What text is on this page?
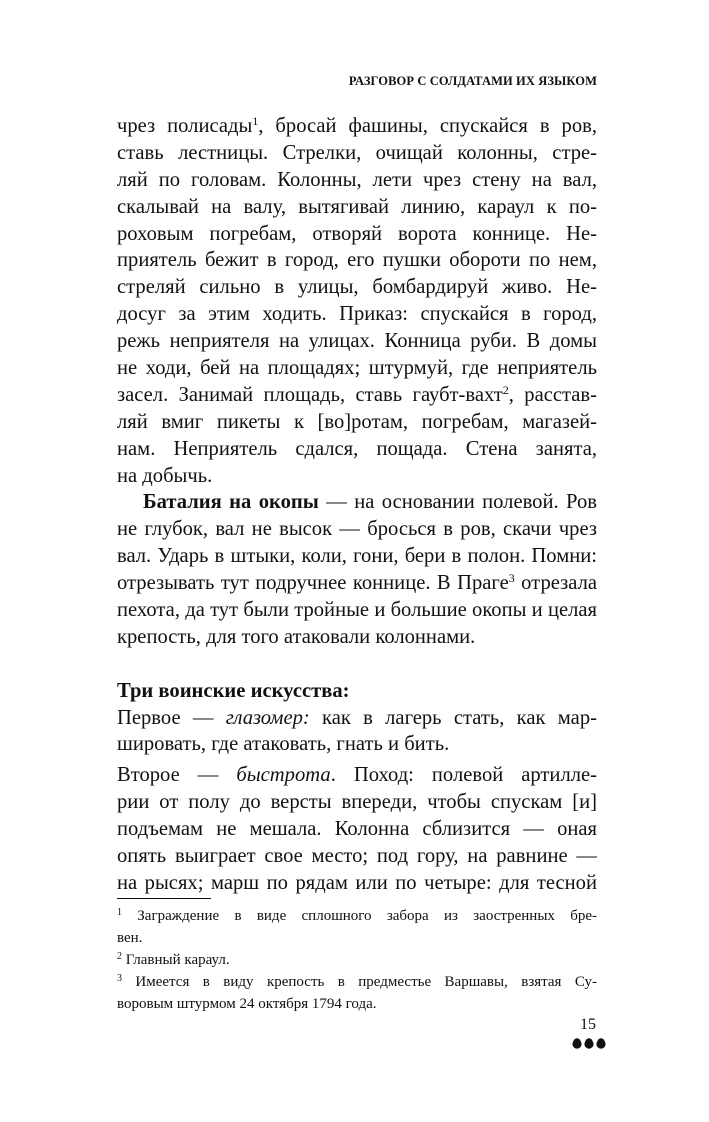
РАЗГОВОР С СОЛДАТАМИ ИХ ЯЗЫКОМ
чрез полисады$^1$, бросай фашины, спускайся в ров,
ставь лестницы. Стрелки, очищай колонны, стре-
ляй по головам. Колонны, лети чрез стену на вал,
скалывай на валу, вытягивай линию, караул к по-
роховым погребам, отворяй ворота коннице. Не-
приятель бежит в город, его пушки обороти по нем,
стреляй сильно в улицы, бомбардируй живо. Не-
досуг за этим ходить. Приказ: спускайся в город,
режь неприятеля на улицах. Конница руби. В домы
не ходи, бей на площадях; штурмуй, где неприятель
засел. Занимай площадь, ставь гаубт-вахт$^2$, расстав-
ляй вмиг пикеты к [во]ротам, погребам, магазей-
нам. Неприятель сдался, пощада. Стена занята,
на добычь.
Баталия на окопы — на основании полевой. Ров
не глубок, вал не высок — бросься в ров, скачи чрез
вал. Ударь в штыки, коли, гони, бери в полон. Помни:
отрезывать тут подручнее коннице. В Праге$^3$ отрезала
пехота, да тут были тройные и большие окопы и целая
крепость, для того атаковали колоннами.
Три воинские искусства:
Первое — глазомер: как в лагерь стать, как мар-
шировать, где атаковать, гнать и бить.
Второе — быстрота. Поход: полевой артилле-
рии от полу до версты впереди, чтобы спускам [и]
подъемам не мешала. Колонна сблизится — оная
опять выиграет свое место; под гору, на равнине —
на рысях; марш по рядам или по четыре: для тесной
$^1$ Заграждение в виде сплошного забора из заостренных бре-
вен.
$^2$ Главный караул.
$^3$ Имеется в виду крепость в предместье Варшавы, взятая Су-
воровым штурмом 24 октября 1794 года.
15
